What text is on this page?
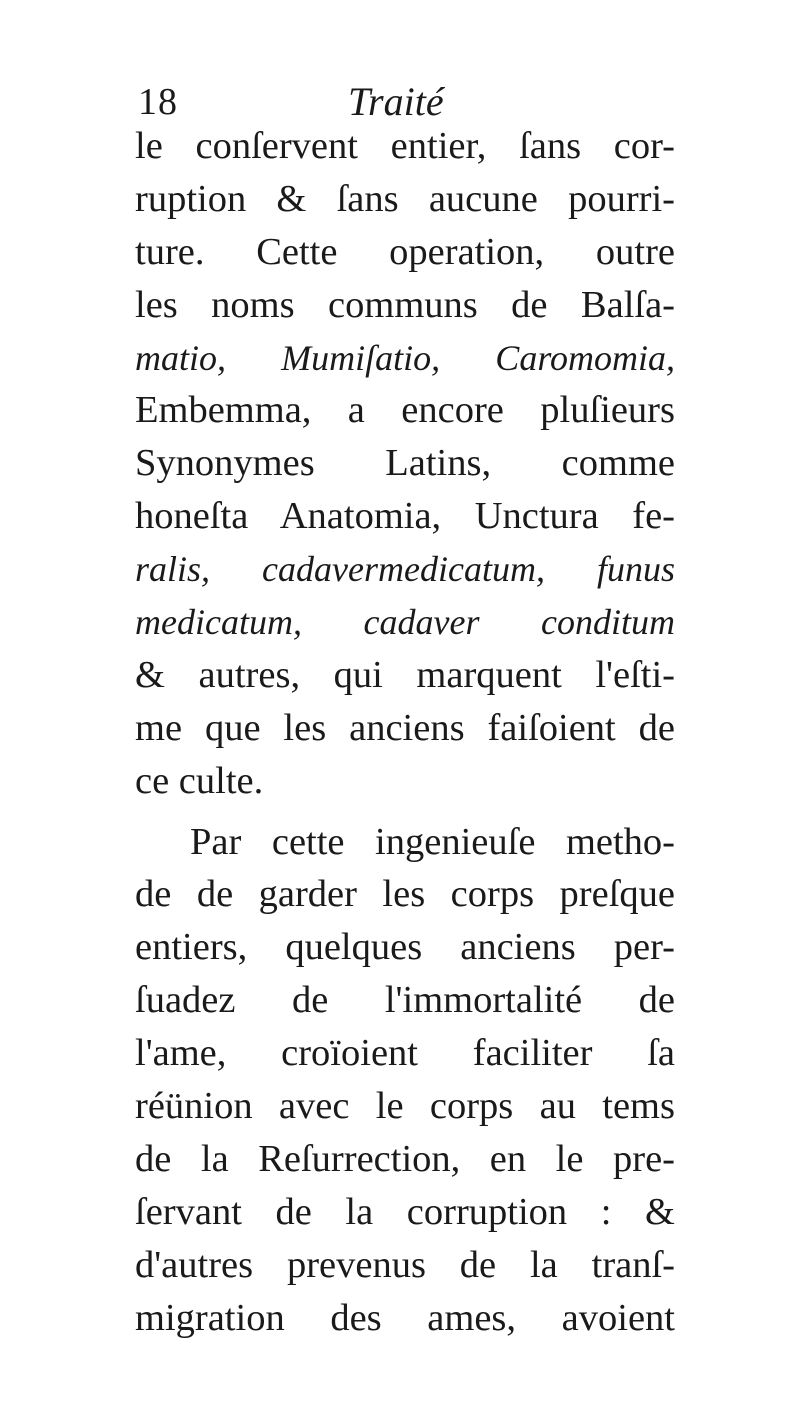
18	Traité
le conſervent entier, ſans cor-
ruption & ſans aucune pourri-
ture. Cette operation, outre
les noms communs de Balſa-
matio, Mumiſatio, Caromomia,
Embemma, a encore pluſieurs
Synonymes Latins, comme
honeſta Anatomia, Unctura fe-
ralis, cadavermedicatum, funus
medicatum, cadaver conditum
& autres, qui marquent l'eſti-
me que les anciens faiſoient de
ce culte.
Par cette ingenieuſe metho-
de de garder les corps preſque
entiers, quelques anciens per-
ſuadez de l'immortalité de
l'ame, croïoient faciliter ſa
réünion avec le corps au tems
de la Reſurrection, en le pre-
ſervant de la corruption : &
d'autres prevenus de la tranſ-
migration des ames, avoient
